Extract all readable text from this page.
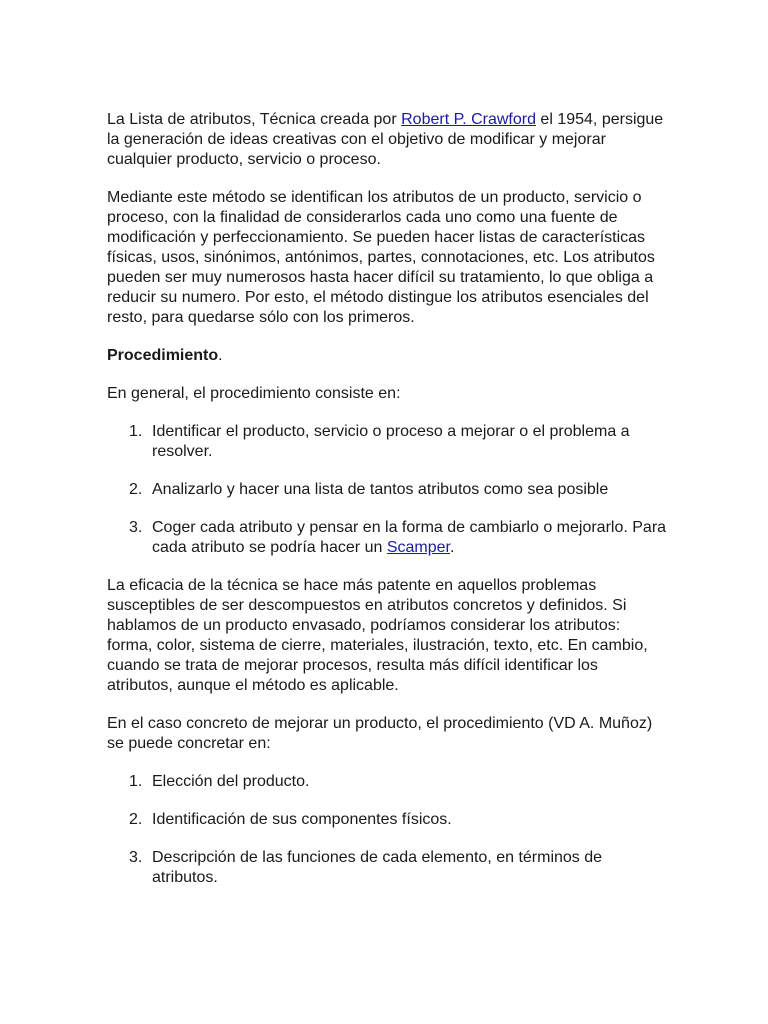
La Lista de atributos, Técnica creada por Robert P. Crawford el 1954, persigue la generación de ideas creativas con el objetivo de modificar y mejorar cualquier producto, servicio o proceso.

Mediante este método se identifican los atributos de un producto, servicio o proceso, con la finalidad de considerarlos cada uno como una fuente de modificación y perfeccionamiento. Se pueden hacer listas de características físicas, usos, sinónimos, antónimos, partes, connotaciones, etc. Los atributos pueden ser muy numerosos hasta hacer difícil su tratamiento, lo que obliga a reducir su numero. Por esto, el método distingue los atributos esenciales del resto, para quedarse sólo con los primeros.

Procedimiento.

En general, el procedimiento consiste en:

1. Identificar el producto, servicio o proceso a mejorar o el problema a resolver.
2. Analizarlo y hacer una lista de tantos atributos como sea posible
3. Coger cada atributo y pensar en la forma de cambiarlo o mejorarlo. Para cada atributo se podría hacer un Scamper.

La eficacia de la técnica se hace más patente en aquellos problemas susceptibles de ser descompuestos en atributos concretos y definidos. Si hablamos de un producto envasado, podríamos considerar los atributos: forma, color, sistema de cierre, materiales, ilustración, texto, etc. En cambio, cuando se trata de mejorar procesos, resulta más difícil identificar los atributos, aunque el método es aplicable.

En el caso concreto de mejorar un producto, el procedimiento (VD A. Muñoz) se puede concretar en:

1. Elección del producto.
2. Identificación de sus componentes físicos.
3. Descripción de las funciones de cada elemento, en términos de atributos.
